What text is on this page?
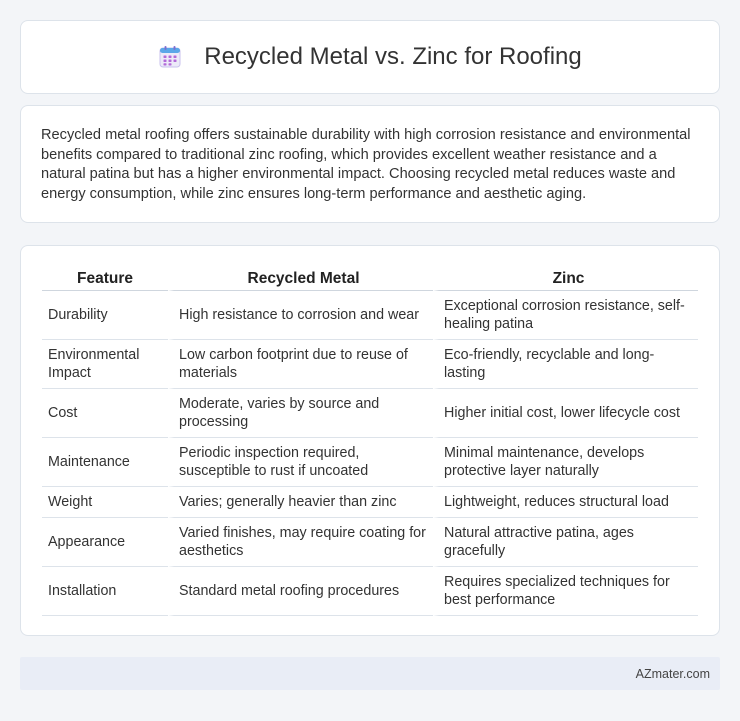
Recycled Metal vs. Zinc for Roofing

Recycled metal roofing offers sustainable durability with high corrosion resistance and environmental benefits compared to traditional zinc roofing, which provides excellent weather resistance and a natural patina but has a higher environmental impact. Choosing recycled metal reduces waste and energy consumption, while zinc ensures long-term performance and aesthetic aging.

Feature	Recycled Metal	Zinc
Durability	High resistance to corrosion and wear	Exceptional corrosion resistance, self-healing patina
Environmental Impact	Low carbon footprint due to reuse of materials	Eco-friendly, recyclable and long-lasting
Cost	Moderate, varies by source and processing	Higher initial cost, lower lifecycle cost
Maintenance	Periodic inspection required, susceptible to rust if uncoated	Minimal maintenance, develops protective layer naturally
Weight	Varies; generally heavier than zinc	Lightweight, reduces structural load
Appearance	Varied finishes, may require coating for aesthetics	Natural attractive patina, ages gracefully
Installation	Standard metal roofing procedures	Requires specialized techniques for best performance
AZmater.com
